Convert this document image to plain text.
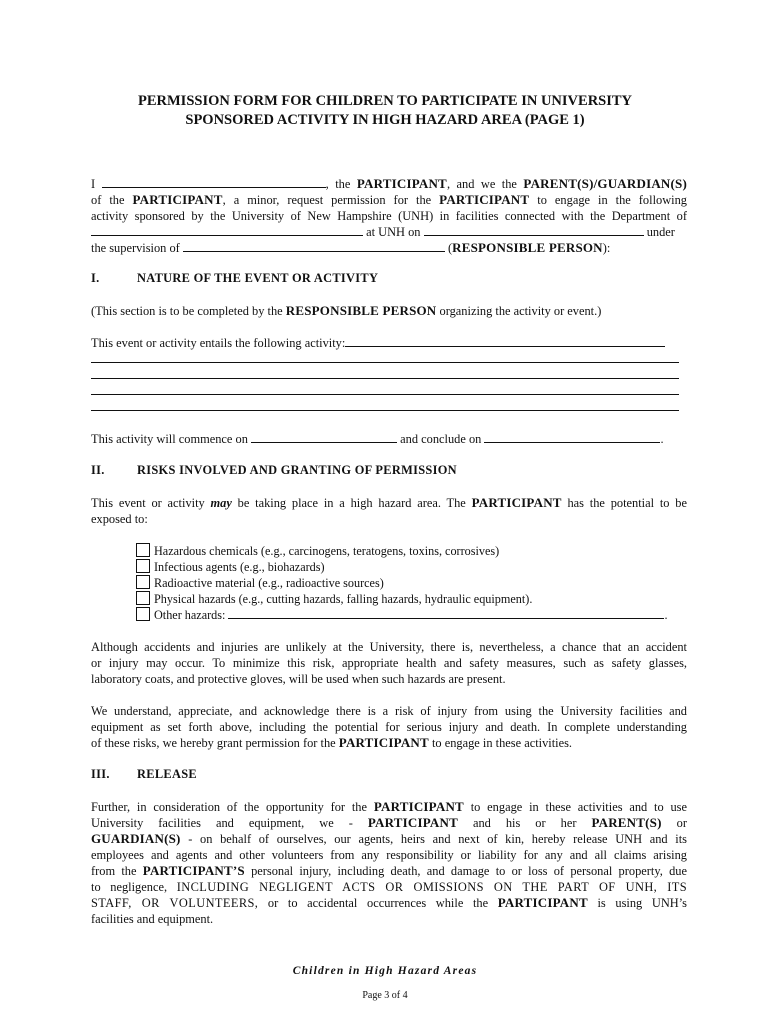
PERMISSION FORM FOR CHILDREN TO PARTICIPATE IN UNIVERSITY
SPONSORED ACTIVITY IN HIGH HAZARD AREA (PAGE 1)
I	, the PARTICIPANT, and we the PARENT(S)/GUARDIAN(S)
of the PARTICIPANT, a minor, request permission for the PARTICIPANT to engage in the following
activity sponsored by the University of New Hampshire (UNH) in facilities connected with the Department of
at UNH on	under
the supervision of	(RESPONSIBLE PERSON):
I.	NATURE OF THE EVENT OR ACTIVITY
(This section is to be completed by the RESPONSIBLE PERSON organizing the activity or event.)
This event or activity entails the following activity:
This activity will commence on	and conclude on	.
II.	RISKS INVOLVED AND GRANTING OF PERMISSION
This event or activity may be taking place in a high hazard area. The PARTICIPANT has the potential to be
exposed to:
Hazardous chemicals (e.g., carcinogens, teratogens, toxins, corrosives)
Infectious agents (e.g., biohazards)
Radioactive material (e.g., radioactive sources)
Physical hazards (e.g., cutting hazards, falling hazards, hydraulic equipment).
Other hazards:	.
Although accidents and injuries are unlikely at the University, there is, nevertheless, a chance that an accident
or injury may occur. To minimize this risk, appropriate health and safety measures, such as safety glasses,
laboratory coats, and protective gloves, will be used when such hazards are present.
We understand, appreciate, and acknowledge there is a risk of injury from using the University facilities and
equipment as set forth above, including the potential for serious injury and death. In complete understanding
of these risks, we hereby grant permission for the PARTICIPANT to engage in these activities.
III. RELEASE
Further, in consideration of the opportunity for the PARTICIPANT to engage in these activities and to use
University facilities and equipment, we - PARTICIPANT and his or her PARENT(S) or
GUARDIAN(S) - on behalf of ourselves, our agents, heirs and next of kin, hereby release UNH and its
employees and agents and other volunteers from any responsibility or liability for any and all claims arising
from the PARTICIPANT’S personal injury, including death, and damage to or loss of personal property, due
to negligence, INCLUDING NEGLIGENT ACTS OR OMISSIONS ON THE PART OF UNH, ITS
STAFF, OR VOLUNTEERS, or to accidental occurrences while the PARTICIPANT is using UNH’s
facilities and equipment.
Children in High Hazard Areas
Page 3 of 4
